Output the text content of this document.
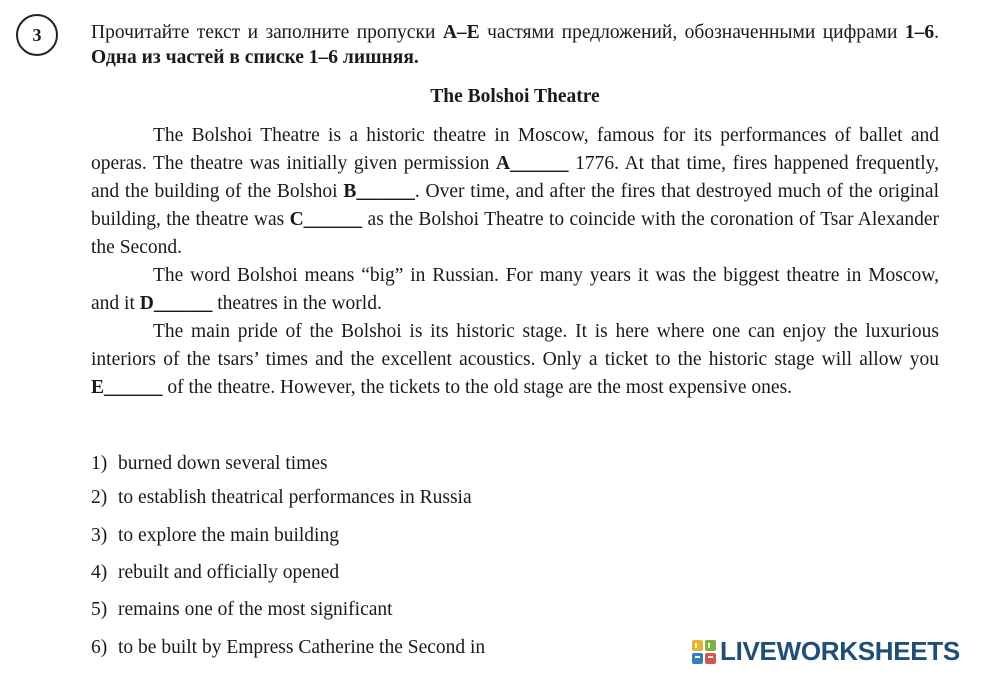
3	Прочитайте текст и заполните пропуски А–Е частями предложений, обозначенными цифрами 1–6. Одна из частей в списке 1–6 лишняя.
The Bolshoi Theatre

The Bolshoi Theatre is a historic theatre in Moscow, famous for its performances of ballet and operas. The theatre was initially given permission A______ 1776. At that time, fires happened frequently, and the building of the Bolshoi B______. Over time, and after the fires that destroyed much of the original building, the theatre was C______ as the Bolshoi Theatre to coincide with the coronation of Tsar Alexander the Second.

The word Bolshoi means “big” in Russian. For many years it was the biggest theatre in Moscow, and it D______ theatres in the world.

The main pride of the Bolshoi is its historic stage. It is here where one can enjoy the luxurious interiors of the tsars’ times and the excellent acoustics. Only a ticket to the historic stage will allow you E______ of the theatre. However, the tickets to the old stage are the most expensive ones.

1) burned down several times
2) to establish theatrical performances in Russia
3) to explore the main building
4) rebuilt and officially opened
5) remains one of the most significant
6) to be built by Empress Catherine the Second in	LIVEWORKSHEETS
